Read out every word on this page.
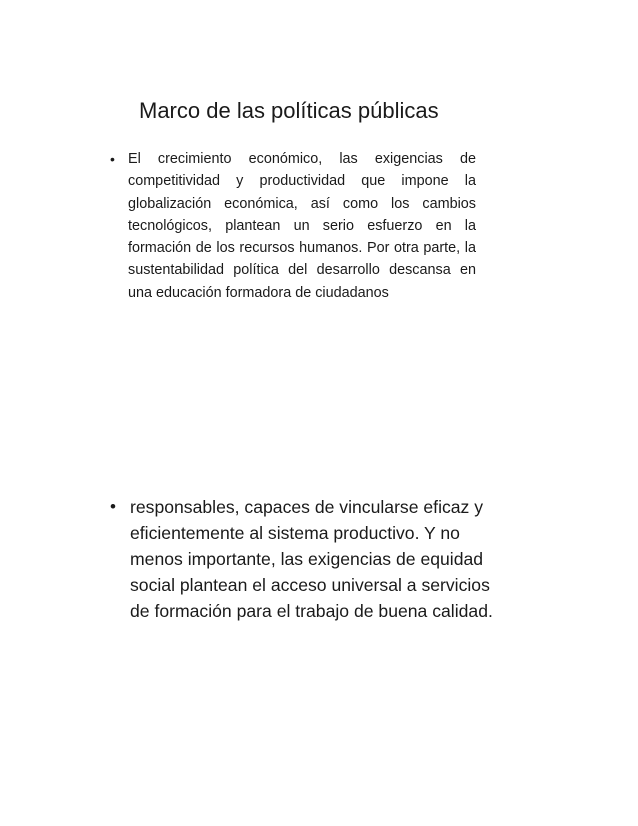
Marco de las políticas públicas
• El crecimiento económico, las exigencias de competitividad y productividad que impone la globalización económica, así como los cambios tecnológicos, plantean un serio esfuerzo en la formación de los recursos humanos. Por otra parte, la sustentabilidad política del desarrollo descansa en una educación formadora de ciudadanos
• responsables, capaces de vincularse eficaz y eficientemente al sistema productivo. Y no menos importante, las exigencias de equidad social plantean el acceso universal a servicios de formación para el trabajo de buena calidad.
